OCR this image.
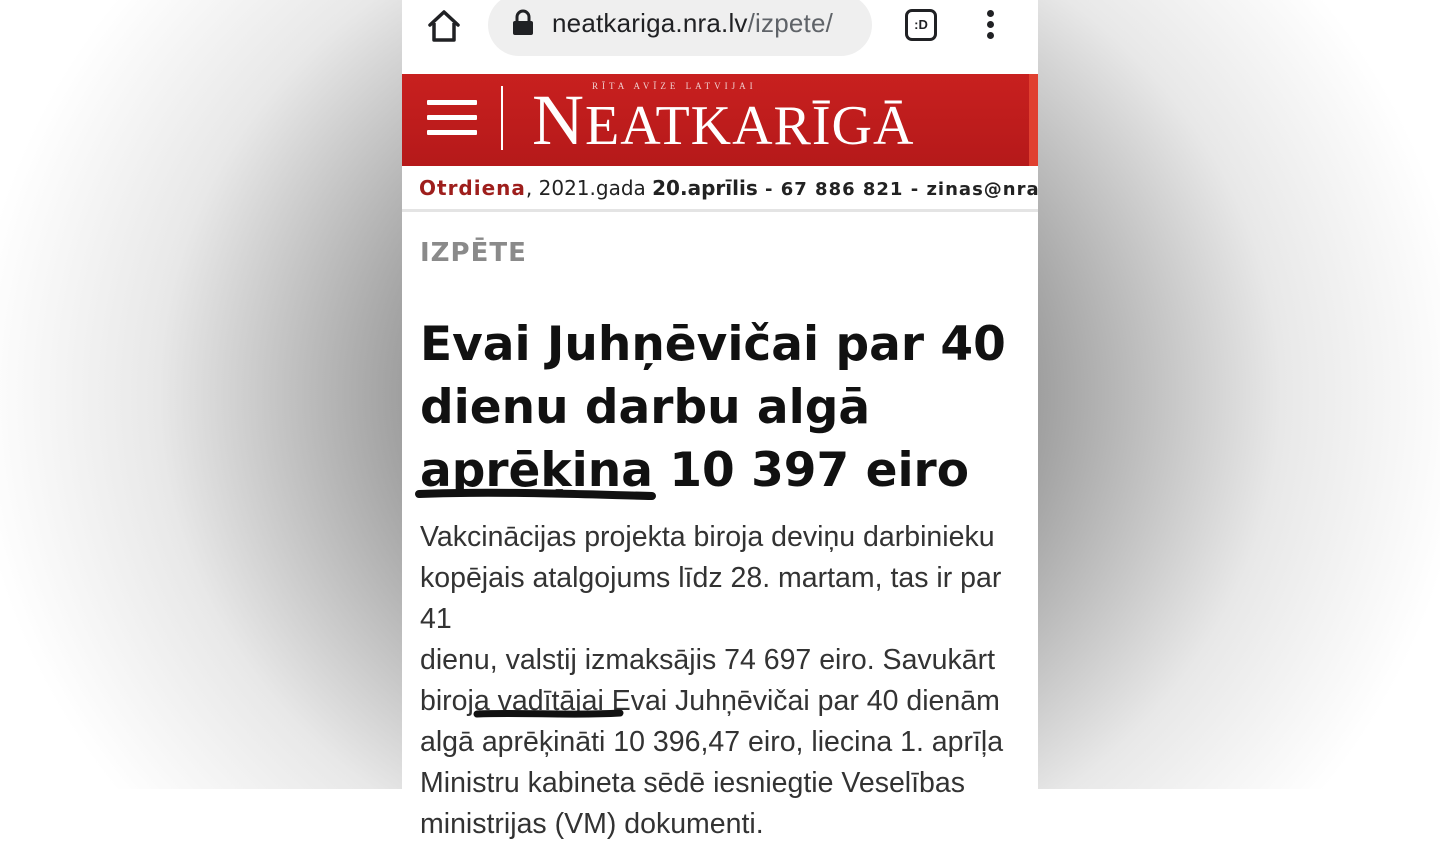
neatkariga.nra.lv/izpete/	:D
RĪTA AVĪZE LATVIJAI
NEATKARĪGĀ
Otrdiena, 2021.gada 20.aprīlis - 67 886 821 - zinas@nra
IZPĒTE
Evai Juhņēvičai par 40
dienu darbu algā
aprēķina 10 397 eiro

Vakcinācijas projekta biroja deviņu darbinieku
kopējais atalgojums līdz 28. martam, tas ir par 41
dienu, valstij izmaksājis 74 697 eiro. Savukārt
biroja vadītājai Evai Juhņēvičai par 40 dienām
algā aprēķināti 10 396,47 eiro, liecina 1. aprīļa
Ministru kabineta sēdē iesniegtie Veselības
ministrijas (VM) dokumenti.
